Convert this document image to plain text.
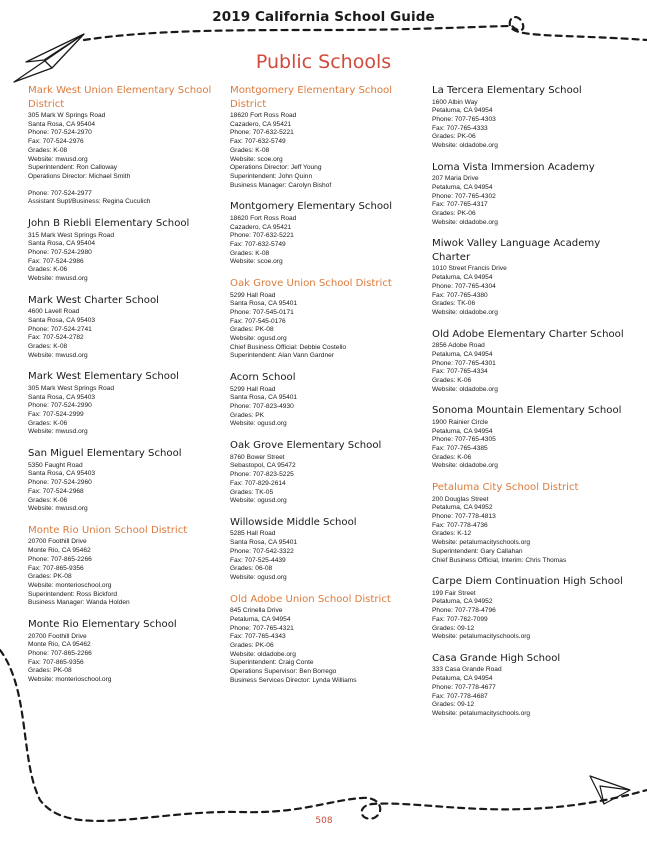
2019 California School Guide
Public Schools
Mark West Union Elementary School District
305 Mark W Springs Road
Santa Rosa, CA 95404
Phone: 707-524-2970
Fax: 707-524-2976
Grades: K-08
Website: mwusd.org
Superintendent: Ron Calloway
Operations Director: Michael Smith
Phone: 707-524-2977
Assistant Supt/Business: Regina Cuculich
John B Riebli Elementary School
315 Mark West Springs Road
Santa Rosa, CA 95404
Phone: 707-524-2980
Fax: 707-524-2986
Grades: K-06
Website: mwusd.org
Mark West Charter School
4600 Lavell Road
Santa Rosa, CA 95403
Phone: 707-524-2741
Fax: 707-524-2782
Grades: K-08
Website: mwusd.org
Mark West Elementary School
305 Mark West Springs Road
Santa Rosa, CA 95403
Phone: 707-524-2990
Fax: 707-524-2999
Grades: K-06
Website: mwusd.org
San Miguel Elementary School
5350 Faught Road
Santa Rosa, CA 95403
Phone: 707-524-2960
Fax: 707-524-2968
Grades: K-06
Website: mwusd.org
Monte Rio Union School District
20700 Foothill Drive
Monte Rio, CA 95462
Phone: 707-865-2266
Fax: 707-865-9356
Grades: PK-08
Website: monterioschool.org
Superintendent: Ross Bickford
Business Manager: Wanda Holden
Monte Rio Elementary School
20700 Foothill Drive
Monte Rio, CA 95462
Phone: 707-865-2266
Fax: 707-865-9356
Grades: PK-08
Website: monterioschool.org
Montgomery Elementary School District
18620 Fort Ross Road
Cazadero, CA 95421
Phone: 707-632-5221
Fax: 707-632-5749
Grades: K-08
Website: scoe.org
Operations Director: Jeff Young
Superintendent: John Quinn
Business Manager: Carolyn Bishof
Montgomery Elementary School
18620 Fort Ross Road
Cazadero, CA 95421
Phone: 707-632-5221
Fax: 707-632-5749
Grades: K-08
Website: scoe.org
Oak Grove Union School District
5299 Hall Road
Santa Rosa, CA 95401
Phone: 707-545-0171
Fax: 707-545-0176
Grades: PK-08
Website: ogusd.org
Chief Business Official: Debbie Costello
Superintendent: Alan Vann Gardner
Acorn School
5299 Hall Road
Santa Rosa, CA 95401
Phone: 707-823-4930
Grades: PK
Website: ogusd.org
Oak Grove Elementary School
8760 Bower Street
Sebastopol, CA 95472
Phone: 707-823-5225
Fax: 707-829-2614
Grades: TK-05
Website: ogusd.org
Willowside Middle School
5285 Hall Road
Santa Rosa, CA 95401
Phone: 707-542-3322
Fax: 707-525-4439
Grades: 06-08
Website: ogusd.org
Old Adobe Union School District
845 Crinella Drive
Petaluma, CA 94954
Phone: 707-765-4321
Fax: 707-765-4343
Grades: PK-06
Website: oldadobe.org
Superintendent: Craig Conte
Operations Supervisor: Ben Borrego
Business Services Director: Lynda Williams
La Tercera Elementary School
1600 Albin Way
Petaluma, CA 94954
Phone: 707-765-4303
Fax: 707-765-4333
Grades: PK-06
Website: oldadobe.org
Loma Vista Immersion Academy
207 Maria Drive
Petaluma, CA 94954
Phone: 707-765-4302
Fax: 707-765-4317
Grades: PK-06
Website: oldadobe.org
Miwok Valley Language Academy Charter
1010 Street Francis Drive
Petaluma, CA 94954
Phone: 707-765-4304
Fax: 707-765-4380
Grades: TK-06
Website: oldadobe.org
Old Adobe Elementary Charter School
2856 Adobe Road
Petaluma, CA 94954
Phone: 707-765-4301
Fax: 707-765-4334
Grades: K-06
Website: oldadobe.org
Sonoma Mountain Elementary School
1900 Rainier Circle
Petaluma, CA 94954
Phone: 707-765-4305
Fax: 707-765-4385
Grades: K-06
Website: oldadobe.org
Petaluma City School District
200 Douglas Street
Petaluma, CA 94952
Phone: 707-778-4813
Fax: 707-778-4736
Grades: K-12
Website: petalumacityschools.org
Superintendent: Gary Callahan
Chief Business Official, Interim: Chris Thomas
Carpe Diem Continuation High School
199 Fair Street
Petaluma, CA 94952
Phone: 707-778-4796
Fax: 707-762-7099
Grades: 09-12
Website: petalumacityschools.org
Casa Grande High School
333 Casa Grande Road
Petaluma, CA 94954
Phone: 707-778-4677
Fax: 707-778-4687
Grades: 09-12
Website: petalumacityschools.org
508
